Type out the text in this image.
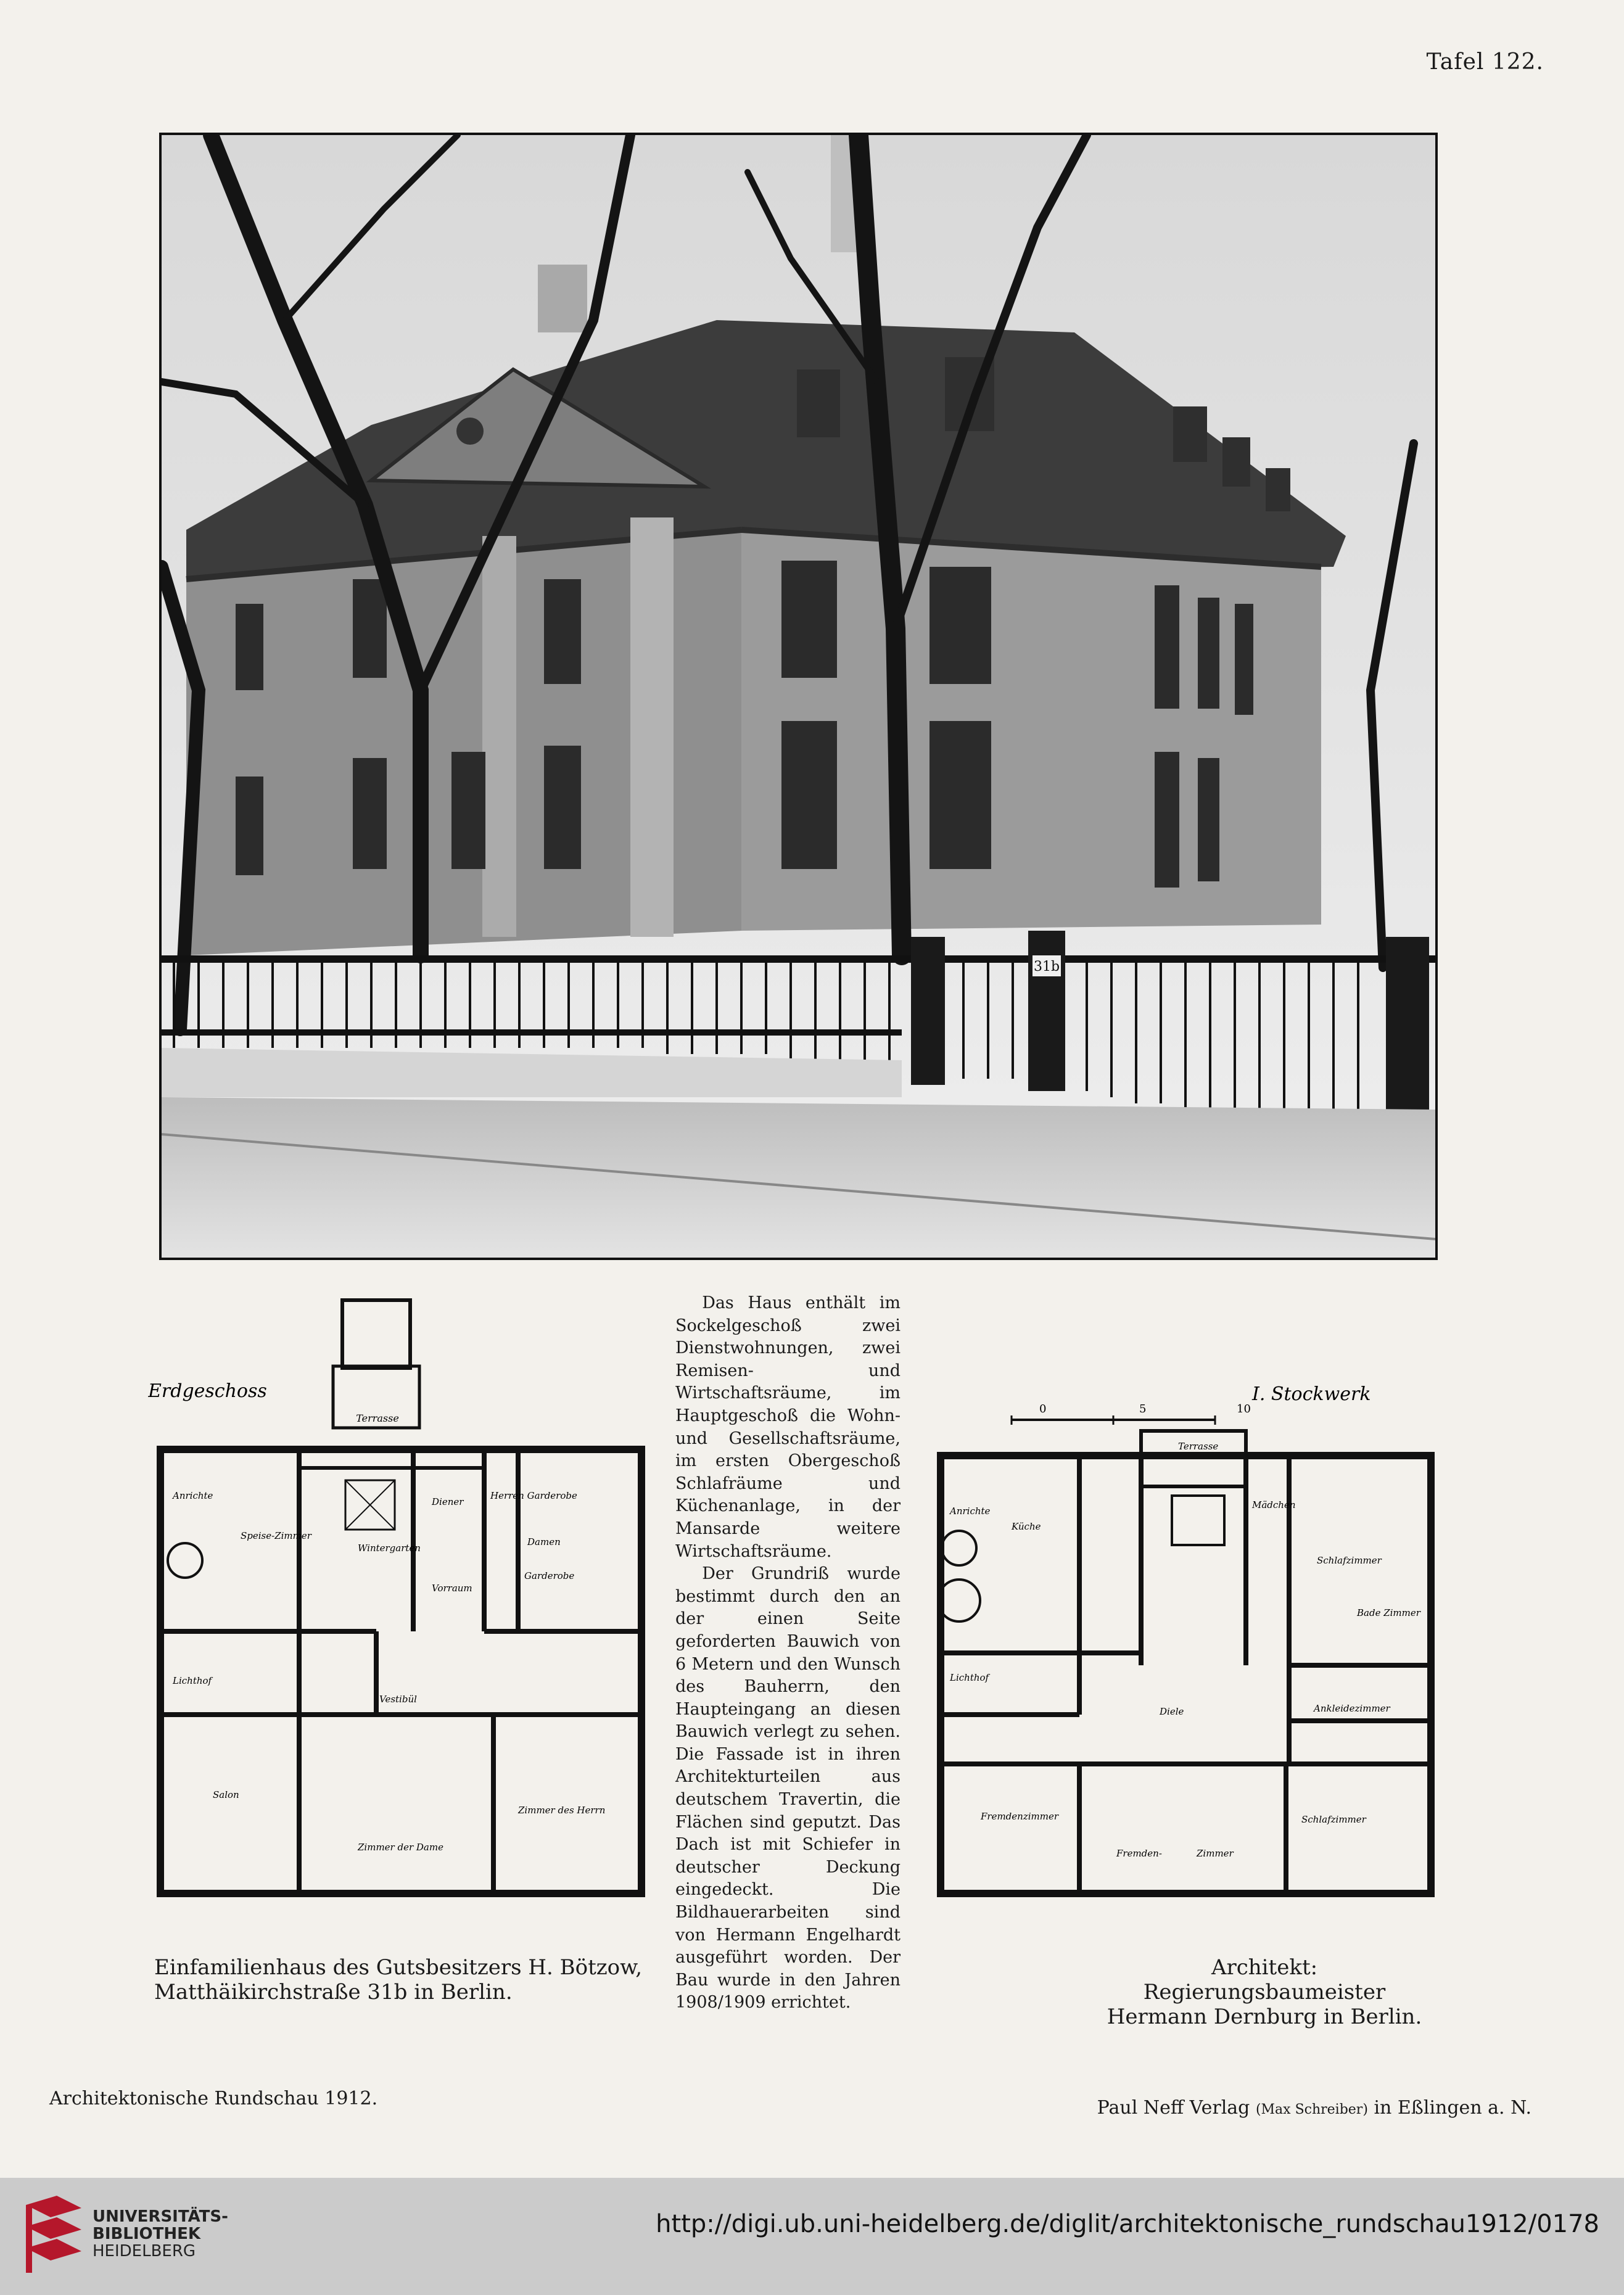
Tafel 122.
31b
Erdgeschoss
Terrasse
Anrichte
Speise-Zimmer
Wintergarten
Diener
Herren Garderobe
Damen
Garderobe
Vorraum
Lichthof
Vestibül
Salon
Zimmer der Dame
Zimmer des Herrn

Das Haus enthält im Sockelgeschoß zwei Dienstwohnungen, zwei Remisen- und Wirtschaftsräume, im Hauptgeschoß die Wohn- und Gesellschaftsräume, im ersten Obergeschoß Schlafräume und Küchenanlage, in der Mansarde weitere Wirtschaftsräume.

Der Grundriß wurde bestimmt durch den an der einen Seite geforderten Bauwich von 6 Metern und den Wunsch des Bauherrn, den Haupteingang an diesen Bauwich verlegt zu sehen. Die Fassade ist in ihren Architekturteilen aus deutschem Travertin, die Flächen sind geputzt. Das Dach ist mit Schiefer in deutscher Deckung eingedeckt. Die Bildhauerarbeiten sind von Hermann Engelhardt ausgeführt worden. Der Bau wurde in den Jahren 1908/1909 errichtet.

I. Stockwerk
0	5	10
Anrichte
Küche
Mädchen
Schlafzimmer
Bade Zimmer
Lichthof
Diele	Ankleidezimmer
Fremdenzimmer
Fremden-	Zimmer
Schlafzimmer
Terrasse
Einfamilienhaus des Gutsbesitzers H. Bötzow,
Matthäikirchstraße 31b in Berlin.
Architekt: Regierungsbaumeister
Hermann Dernburg in Berlin.
Architektonische Rundschau 1912.	Paul Neff Verlag (Max Schreiber) in Eßlingen a. N.
UNIVERSITÄTS-
BIBLIOTHEK
HEIDELBERG
http://digi.ub.uni-heidelberg.de/diglit/architektonische_rundschau1912/0178
